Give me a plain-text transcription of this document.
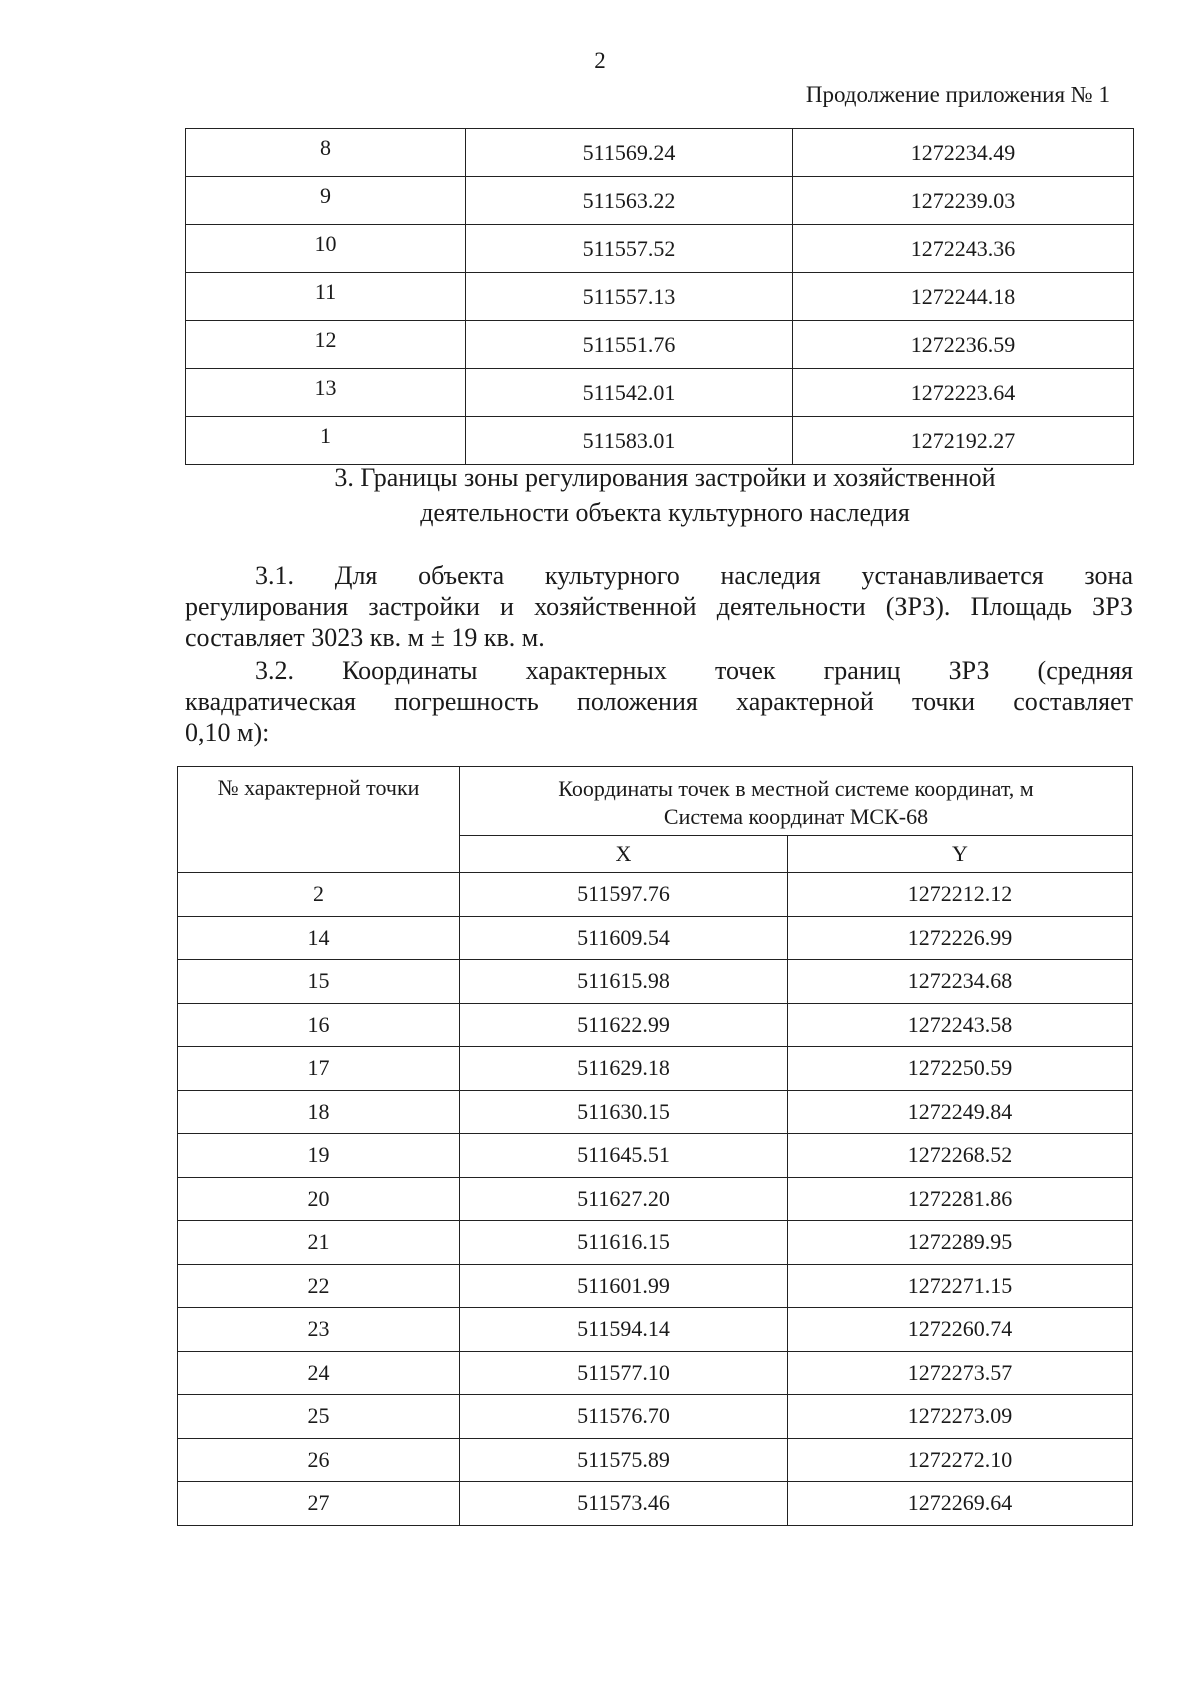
2
Продолжение приложения № 1
8	511569.24	1272234.49
9	511563.22	1272239.03
10	511557.52	1272243.36
11	511557.13	1272244.18
12	511551.76	1272236.59
13	511542.01	1272223.64
1	511583.01	1272192.27
3. Границы зоны регулирования застройки и хозяйственной
деятельности объекта культурного наследия
3.1. Для объекта культурного наследия устанавливается зона
регулирования застройки и хозяйственной деятельности (ЗРЗ). Площадь ЗРЗ
составляет 3023 кв. м ± 19 кв. м.
3.2. Координаты характерных точек границ ЗРЗ (средняя
квадратическая погрешность положения характерной точки составляет
0,10 м):
№ характерной точки	Координаты точек в местной системе координат, м
Система координат МСК-68	

	X	Y
2	511597.76	1272212.12
14	511609.54	1272226.99
15	511615.98	1272234.68
16	511622.99	1272243.58
17	511629.18	1272250.59
18	511630.15	1272249.84
19	511645.51	1272268.52
20	511627.20	1272281.86
21	511616.15	1272289.95
22	511601.99	1272271.15
23	511594.14	1272260.74
24	511577.10	1272273.57
25	511576.70	1272273.09
26	511575.89	1272272.10
27	511573.46	1272269.64
